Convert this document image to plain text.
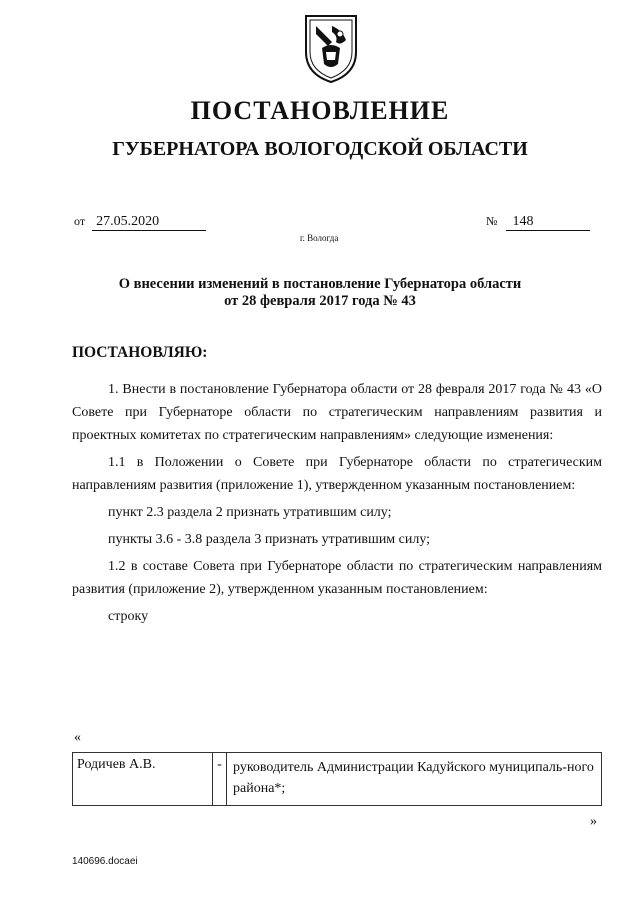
ПОСТАНОВЛЕНИЕ
ГУБЕРНАТОРА ВОЛОГОДСКОЙ ОБЛАСТИ
от 27.05.2020	№ 148
г. Вологда
О внесении изменений в постановление Губернатора области
от 28 февраля 2017 года № 43
ПОСТАНОВЛЯЮ:

1. Внести в постановление Губернатора области от 28 февраля 2017 года № 43 «О Совете при Губернаторе области по стратегическим направлениям развития и проектных комитетах по стратегическим направлениям» следующие изменения:

1.1 в Положении о Совете при Губернаторе области по стратегическим направлениям развития (приложение 1), утвержденном указанным постановлением:

пункт 2.3 раздела 2 признать утратившим силу;

пункты 3.6 - 3.8 раздела 3 признать утратившим силу;

1.2 в составе Совета при Губернаторе области по стратегическим направлениям развития (приложение 2), утвержденном указанным постановлением:

строку

«
Родичев А.В.	- руководитель Администрации Кадуйского муниципаль-ного района*;
»
140696.docaei
